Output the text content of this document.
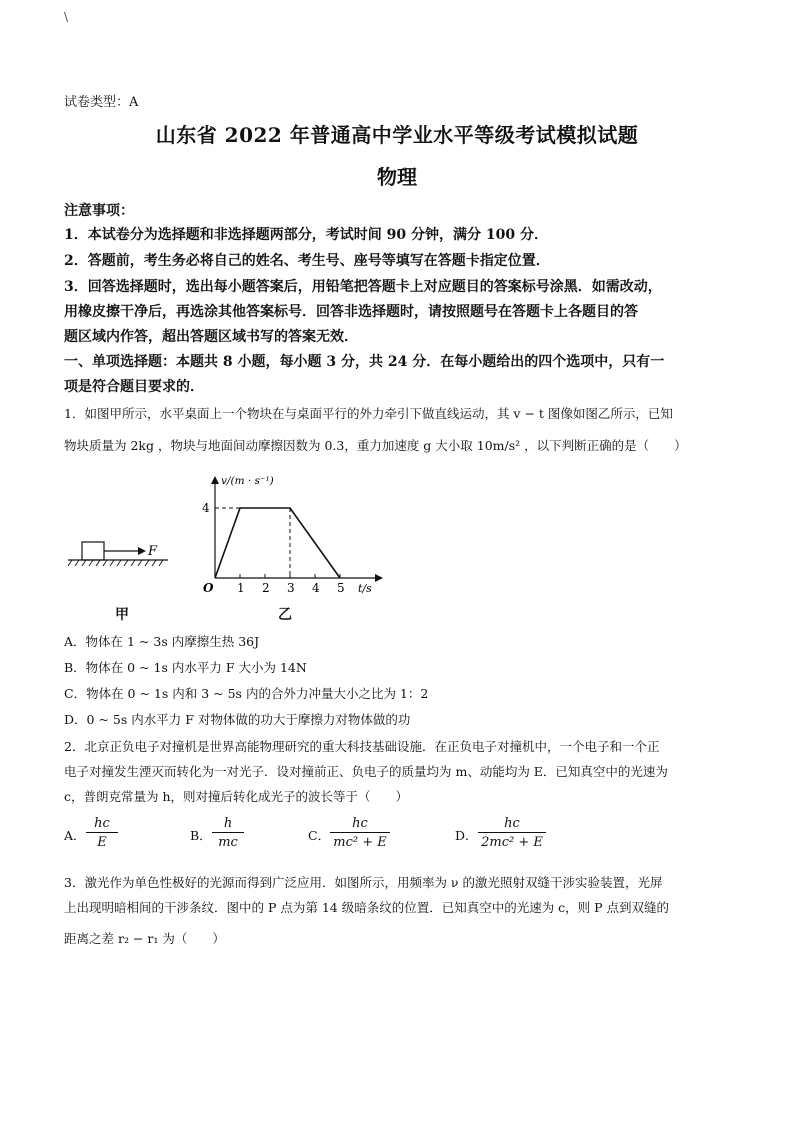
\
试卷类型：A
山东省 2022 年普通高中学业水平等级考试模拟试题
物理
注意事项：
1．本试卷分为选择题和非选择题两部分，考试时间 90 分钟，满分 100 分．
2．答题前，考生务必将自己的姓名、考生号、座号等填写在答题卡指定位置．
3．回答选择题时，选出每小题答案后，用铅笔把答题卡上对应题目的答案标号涂黑．如需改动，
用橡皮擦干净后，再选涂其他答案标号．回答非选择题时，请按照题号在答题卡上各题目的答
题区域内作答，超出答题区域书写的答案无效．
一、单项选择题：本题共 8 小题，每小题 3 分，共 24 分．在每小题给出的四个选项中，只有一
项是符合题目要求的．
1．如图甲所示，水平桌面上一个物块在与桌面平行的外力牵引下做直线运动，其 v − t 图像如图乙所示，已知
物块质量为 2kg ，物块与地面间动摩擦因数为 0.3，重力加速度 g 大小取 10m/s² ，以下判断正确的是（　　）
F
甲
v/(m · s⁻¹)
t/s
O
4
1 2 3 4 5
乙
A．物体在 1 ~ 3s 内摩擦生热 36J
B．物体在 0 ~ 1s 内水平力 F 大小为 14N
C．物体在 0 ~ 1s 内和 3 ~ 5s 内的合外力冲量大小之比为 1：2
D．0 ~ 5s 内水平力 F 对物体做的功大于摩擦力对物体做的功
2．北京正负电子对撞机是世界高能物理研究的重大科技基础设施．在正负电子对撞机中，一个电子和一个正
电子对撞发生湮灭而转化为一对光子．设对撞前正、负电子的质量均为 m、动能均为 E．已知真空中的光速为
c，普朗克常量为 h，则对撞后转化成光子的波长等于（　　）
A． $\frac{hc}{E}$	B． $\frac{h}{mc}$	C． $\frac{hc}{\text{mc² + E}}$	D． $\frac{hc}{\text{2mc² + E}}$
3．激光作为单色性极好的光源而得到广泛应用．如图所示，用频率为 ν 的激光照射双缝干涉实验装置，光屏
上出现明暗相间的干涉条纹．图中的 P 点为第 14 级暗条纹的位置．已知真空中的光速为 c，则 P 点到双缝的
距离之差 r₂ − r₁ 为（　　）
